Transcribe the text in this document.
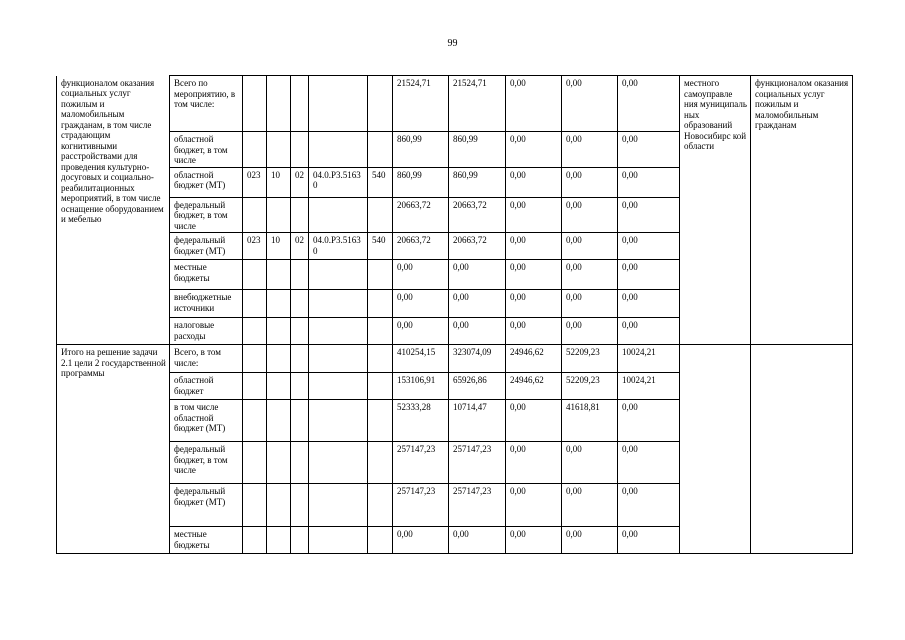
99
функционалом оказания социальных услуг пожилым и маломобильным гражданам, в том числе страдающим когнитивными расстройствами для проведения культурно-досуговых и социально-реабилитационных мероприятий, в том числе оснащение оборудованием и мебелью	Всего по мероприятию, в том числе:						21524,71	21524,71	0,00	0,00	0,00	местного самоуправле ния муниципаль ных образований Новосибирс кой области	функционалом оказания социальных услуг пожилым и маломобильным гражданам
	областной бюджет, в том числе						860,99	860,99	0,00	0,00	0,00		
	областной бюджет (МТ)	023	10	02	04.0.Р3.51630	540	860,99	860,99	0,00	0,00	0,00		
	федеральный бюджет, в том числе						20663,72	20663,72	0,00	0,00	0,00		
	федеральный бюджет (МТ)	023	10	02	04.0.Р3.51630	540	20663,72	20663,72	0,00	0,00	0,00		
	местные бюджеты						0,00	0,00	0,00	0,00	0,00		
	внебюджетные источники						0,00	0,00	0,00	0,00	0,00		
	налоговые расходы						0,00	0,00	0,00	0,00	0,00		
Итого на решение задачи 2.1 цели 2 государственной программы	Всего, в том числе:						410254,15	323074,09	24946,62	52209,23	10024,21		
	областной бюджет						153106,91	65926,86	24946,62	52209,23	10024,21		
	в том числе областной бюджет (МТ)						52333,28	10714,47	0,00	41618,81	0,00		
	федеральный бюджет, в том числе						257147,23	257147,23	0,00	0,00	0,00		
	федеральный бюджет (МТ)						257147,23	257147,23	0,00	0,00	0,00		
	местные бюджеты						0,00	0,00	0,00	0,00	0,00		
